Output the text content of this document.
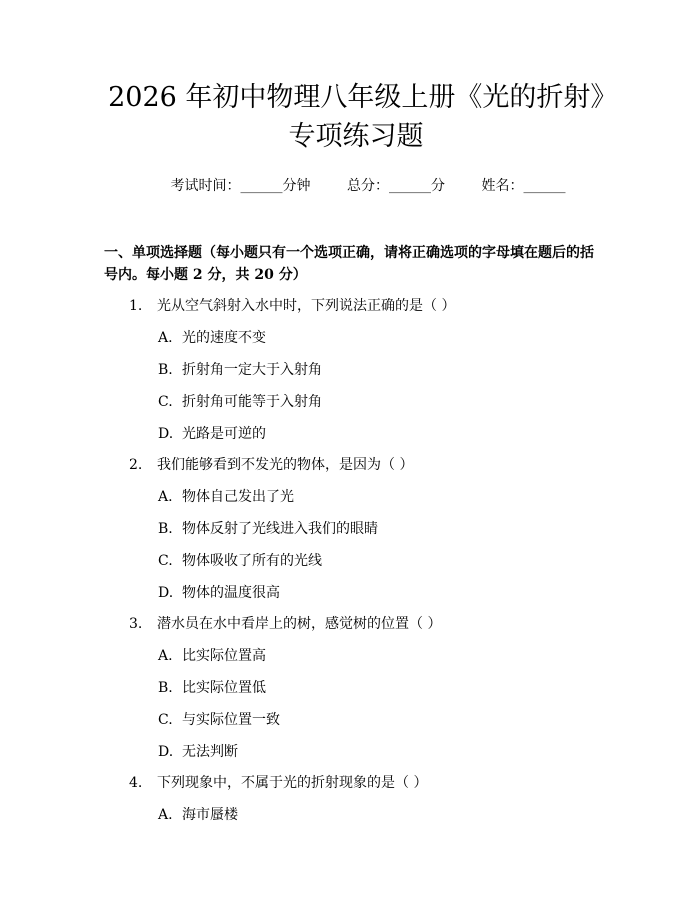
2026 年初中物理八年级上册《光的折射》专项练习题
考试时间：______分钟	总分：______分	姓名：______
一、单项选择题（每小题只有一个选项正确，请将正确选项的字母填在题后的括号内。每小题 2 分，共 20 分）
1.	光从空气斜射入水中时，下列说法正确的是（ ）
A. 光的速度不变
B. 折射角一定大于入射角
C. 折射角可能等于入射角
D. 光路是可逆的
2.	我们能够看到不发光的物体，是因为（ ）
A. 物体自己发出了光
B. 物体反射了光线进入我们的眼睛
C. 物体吸收了所有的光线
D. 物体的温度很高
3.	潜水员在水中看岸上的树，感觉树的位置（ ）
A. 比实际位置高
B. 比实际位置低
C. 与实际位置一致
D. 无法判断
4.	下列现象中，不属于光的折射现象的是（ ）
A. 海市蜃楼
